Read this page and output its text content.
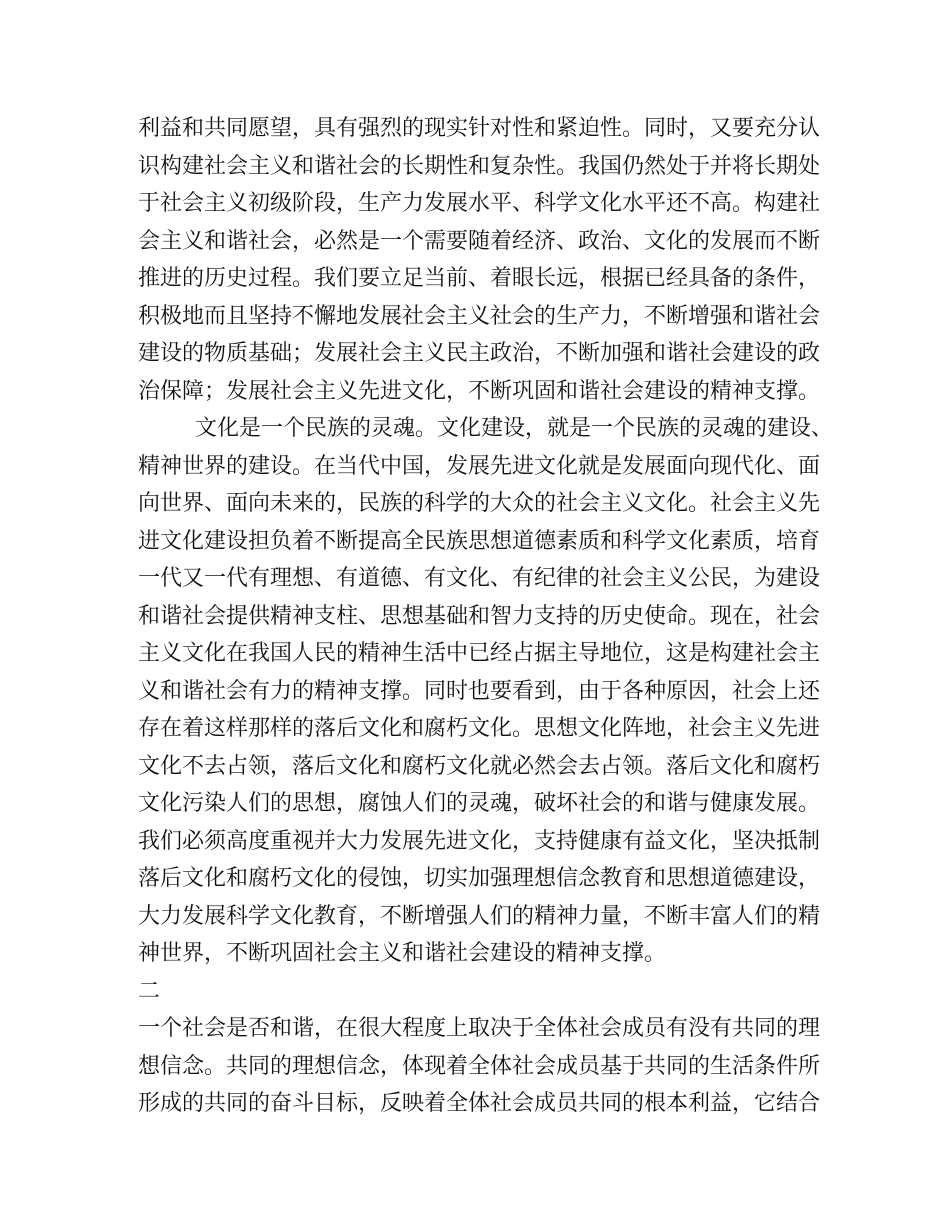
利益和共同愿望，具有强烈的现实针对性和紧迫性。同时，又要充分认
识构建社会主义和谐社会的长期性和复杂性。我国仍然处于并将长期处
于社会主义初级阶段，生产力发展水平、科学文化水平还不高。构建社
会主义和谐社会，必然是一个需要随着经济、政治、文化的发展而不断
推进的历史过程。我们要立足当前、着眼长远，根据已经具备的条件，
积极地而且坚持不懈地发展社会主义社会的生产力，不断增强和谐社会
建设的物质基础；发展社会主义民主政治，不断加强和谐社会建设的政
治保障；发展社会主义先进文化，不断巩固和谐社会建设的精神支撑。
文化是一个民族的灵魂。文化建设，就是一个民族的灵魂的建设、
精神世界的建设。在当代中国，发展先进文化就是发展面向现代化、面
向世界、面向未来的，民族的科学的大众的社会主义文化。社会主义先
进文化建设担负着不断提高全民族思想道德素质和科学文化素质，培育
一代又一代有理想、有道德、有文化、有纪律的社会主义公民，为建设
和谐社会提供精神支柱、思想基础和智力支持的历史使命。现在，社会
主义文化在我国人民的精神生活中已经占据主导地位，这是构建社会主
义和谐社会有力的精神支撑。同时也要看到，由于各种原因，社会上还
存在着这样那样的落后文化和腐朽文化。思想文化阵地，社会主义先进
文化不去占领，落后文化和腐朽文化就必然会去占领。落后文化和腐朽
文化污染人们的思想，腐蚀人们的灵魂，破坏社会的和谐与健康发展。
我们必须高度重视并大力发展先进文化，支持健康有益文化，坚决抵制
落后文化和腐朽文化的侵蚀，切实加强理想信念教育和思想道德建设，
大力发展科学文化教育，不断增强人们的精神力量，不断丰富人们的精
神世界，不断巩固社会主义和谐社会建设的精神支撑。
二
一个社会是否和谐，在很大程度上取决于全体社会成员有没有共同的理
想信念。共同的理想信念，体现着全体社会成员基于共同的生活条件所
形成的共同的奋斗目标，反映着全体社会成员共同的根本利益，它结合
